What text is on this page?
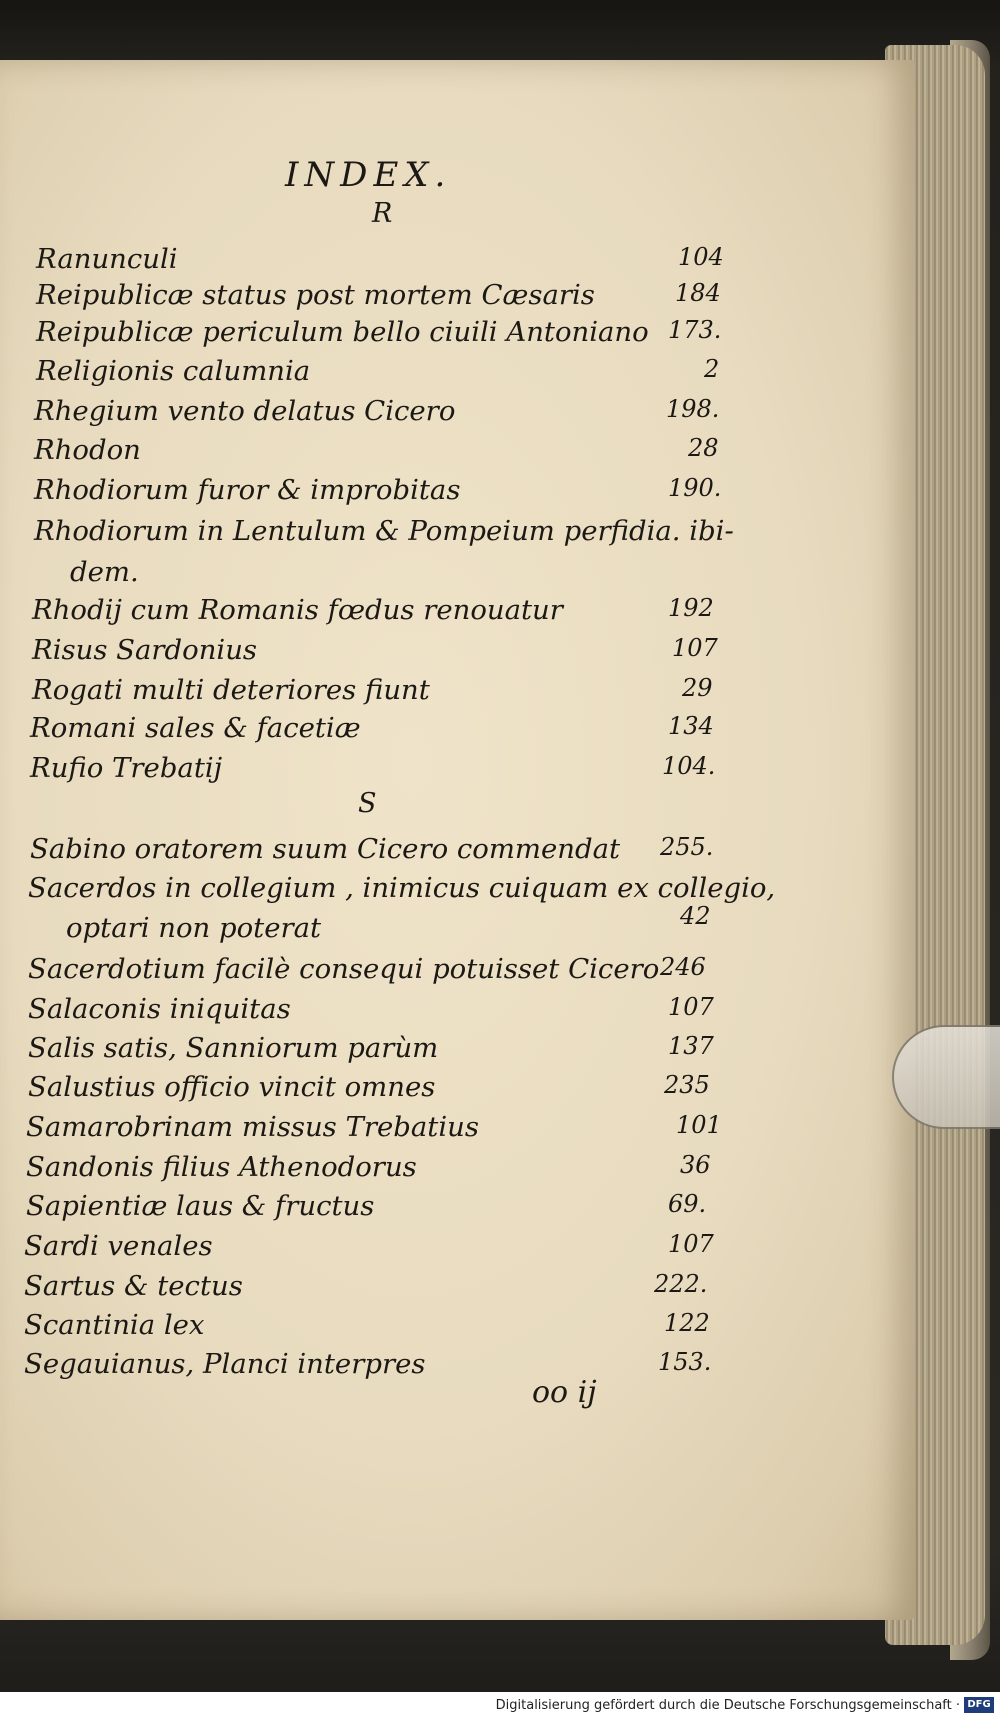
INDEX.
R
Ranunculi	104
Reipublicæ status post mortem Cæsaris	184
Reipublicæ periculum bello ciuili Antoniano 173.
Religionis calumnia	2
Rhegium vento delatus Cicero	198.
Rhodon	28
Rhodiorum furor & improbitas	190.
Rhodiorum in Lentulum & Pompeium perfidia. ibi-
dem.
Rhodij cum Romanis fœdus renouatur	192
Risus Sardonius	107
Rogati multi deteriores fiunt	29
Romani sales & facetiæ	134
Rufio Trebatij	104.
S
Sabino oratorem suum Cicero commendat 255.
Sacerdos in collegium , inimicus cuiquam ex collegio,
optari non poterat	42
Sacerdotium facilè consequi potuisset Cicero 246
Salaconis iniquitas	107
Salis satis, Sanniorum parùm	137
Salustius officio vincit omnes	235
Samarobrinam missus Trebatius	101
Sandonis filius Athenodorus	36
Sapientiæ laus & fructus	69.
Sardi venales	107
Sartus & tectus	222.
Scantinia lex	122
Segauianus, Planci interpres	153.
oo ij
Digitalisierung gefördert durch die Deutsche Forschungsgemeinschaft · DFG
